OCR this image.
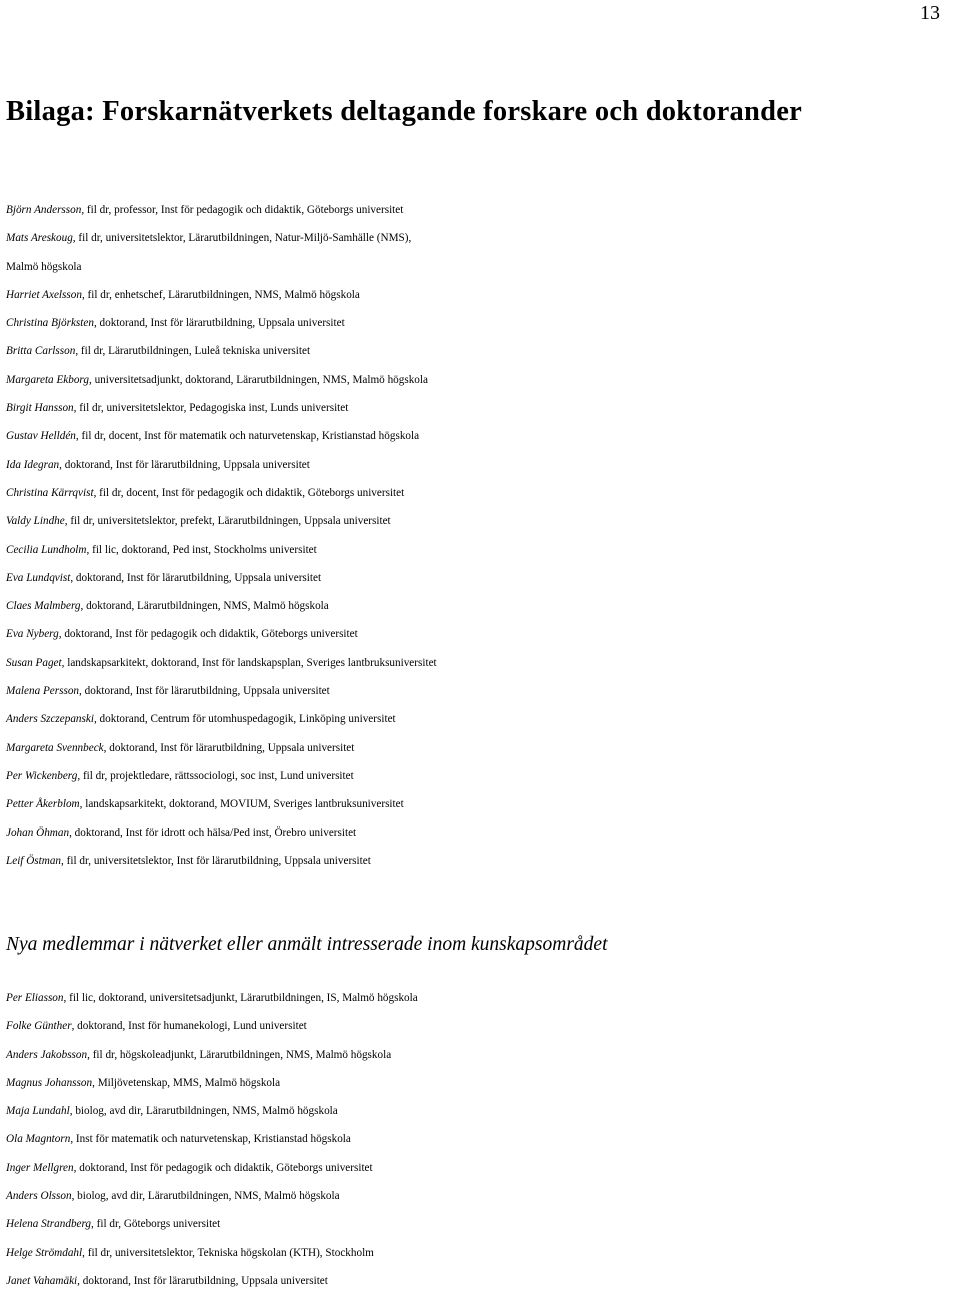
13
Bilaga: Forskarnätverkets deltagande forskare och doktorander
Björn Andersson, fil dr, professor, Inst för pedagogik och didaktik, Göteborgs universitet
Mats Areskoug, fil dr, universitetslektor, Lärarutbildningen, Natur-Miljö-Samhälle (NMS),
Malmö högskola
Harriet Axelsson, fil dr, enhetschef, Lärarutbildningen, NMS, Malmö högskola
Christina Björksten, doktorand, Inst för lärarutbildning, Uppsala universitet
Britta Carlsson, fil dr, Lärarutbildningen, Luleå tekniska universitet
Margareta Ekborg, universitetsadjunkt, doktorand, Lärarutbildningen, NMS, Malmö högskola
Birgit Hansson, fil dr, universitetslektor, Pedagogiska inst, Lunds universitet
Gustav Helldén, fil dr, docent, Inst för matematik och naturvetenskap, Kristianstad högskola
Ida Idegran, doktorand, Inst för lärarutbildning, Uppsala universitet
Christina Kärrqvist, fil dr, docent, Inst för pedagogik och didaktik, Göteborgs universitet
Valdy Lindhe, fil dr, universitetslektor, prefekt, Lärarutbildningen, Uppsala universitet
Cecilia Lundholm, fil lic, doktorand, Ped inst, Stockholms universitet
Eva Lundqvist, doktorand, Inst för lärarutbildning, Uppsala universitet
Claes Malmberg, doktorand, Lärarutbildningen, NMS, Malmö högskola
Eva Nyberg, doktorand, Inst för pedagogik och didaktik, Göteborgs universitet
Susan Paget, landskapsarkitekt, doktorand, Inst för landskapsplan, Sveriges lantbruksuniversitet
Malena Persson, doktorand, Inst för lärarutbildning, Uppsala universitet
Anders Szczepanski, doktorand, Centrum för utomhuspedagogik, Linköping universitet
Margareta Svennbeck, doktorand, Inst för lärarutbildning, Uppsala universitet
Per Wickenberg, fil dr, projektledare, rättssociologi, soc inst, Lund universitet
Petter Åkerblom, landskapsarkitekt, doktorand, MOVIUM, Sveriges lantbruksuniversitet
Johan Öhman, doktorand, Inst för idrott och hälsa/Ped inst, Örebro universitet
Leif Östman, fil dr, universitetslektor, Inst för lärarutbildning, Uppsala universitet
Nya medlemmar i nätverket eller anmält intresserade inom kunskapsområdet
Per Eliasson, fil lic, doktorand, universitetsadjunkt, Lärarutbildningen, IS, Malmö högskola
Folke Günther, doktorand, Inst för humanekologi, Lund universitet
Anders Jakobsson, fil dr, högskoleadjunkt, Lärarutbildningen, NMS, Malmö högskola
Magnus Johansson, Miljövetenskap, MMS, Malmö högskola
Maja Lundahl, biolog, avd dir, Lärarutbildningen, NMS, Malmö högskola
Ola Magntorn, Inst för matematik och naturvetenskap, Kristianstad högskola
Inger Mellgren, doktorand, Inst för pedagogik och didaktik, Göteborgs universitet
Anders Olsson, biolog, avd dir, Lärarutbildningen, NMS, Malmö högskola
Helena Strandberg, fil dr, Göteborgs universitet
Helge Strömdahl, fil dr, universitetslektor, Tekniska högskolan (KTH), Stockholm
Janet Vahamäki, doktorand, Inst för lärarutbildning, Uppsala universitet
